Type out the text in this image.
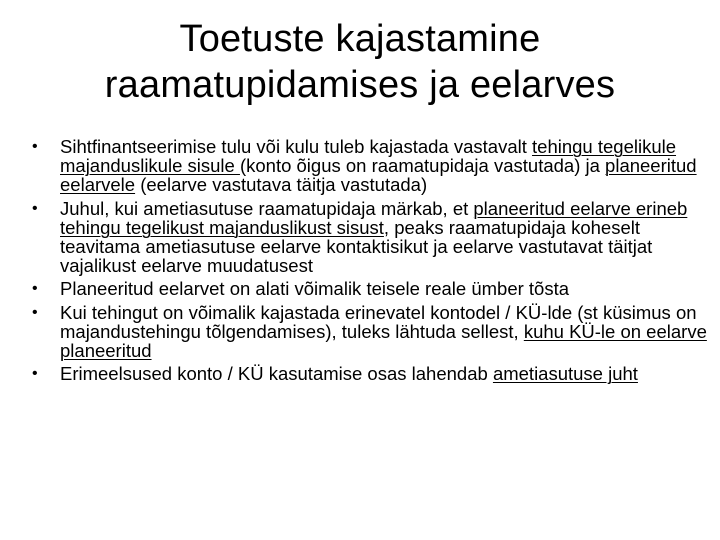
Toetuste kajastamine
raamatupidamises ja eelarves
• Sihtfinantseerimise tulu või kulu tuleb kajastada vastavalt tehingu tegelikule majanduslikule sisule (konto õigus on raamatupidaja vastutada) ja planeeritud eelarvele (eelarve vastutava täitja vastutada)
• Juhul, kui ametiasutuse raamatupidaja märkab, et planeeritud eelarve erineb tehingu tegelikust majanduslikust sisust, peaks raamatupidaja koheselt teavitama ametiasutuse eelarve kontaktisikut ja eelarve vastutavat täitjat vajalikust eelarve muudatusest
• Planeeritud eelarvet on alati võimalik teisele reale ümber tõsta
• Kui tehingut on võimalik kajastada erinevatel kontodel / KÜ-lde (st küsimus on majandustehingu tõlgendamises), tuleks lähtuda sellest, kuhu KÜ-le on eelarve planeeritud
• Erimeelsused konto / KÜ kasutamise osas lahendab ametiasutuse juht
